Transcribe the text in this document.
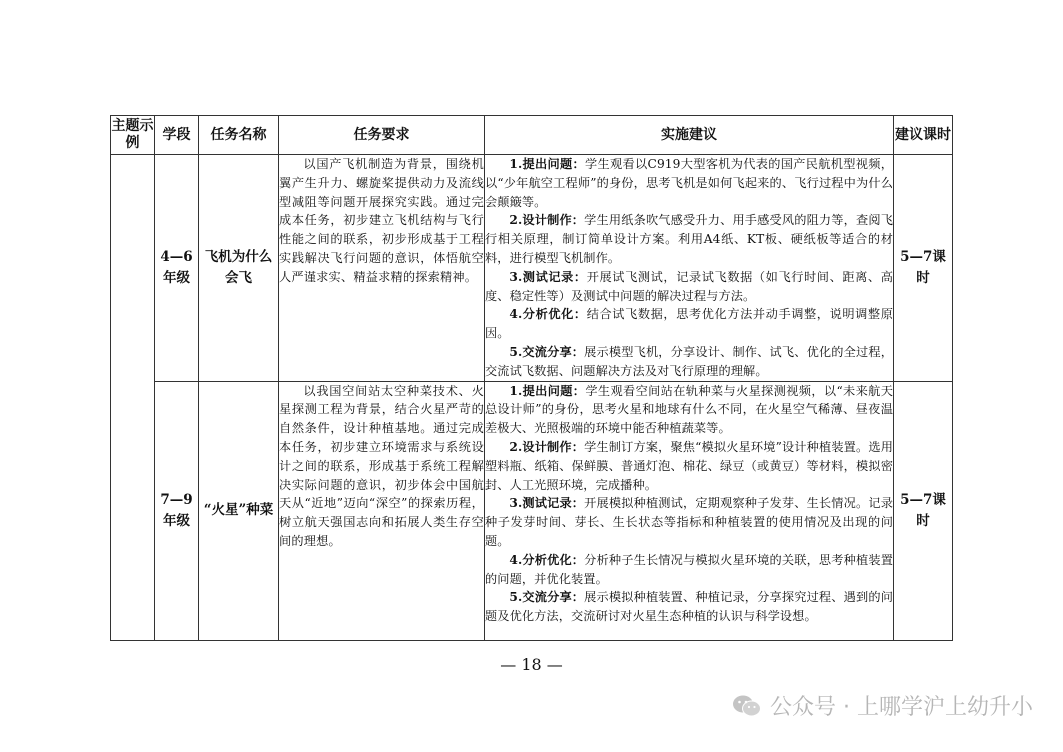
主题示例	学段	任务名称	任务要求	实施建议	建议课时
	4—6年级	飞机为什么会飞	以国产飞机制造为背景，围绕机翼产生升力、螺旋桨提供动力及流线型减阻等问题开展探究实践。通过完成本任务，初步建立飞机结构与飞行性能之间的联系，初步形成基于工程实践解决飞行问题的意识，体悟航空人严谨求实、精益求精的探索精神。	1.提出问题：学生观看以C919大型客机为代表的国产民航机型视频，以“少年航空工程师”的身份，思考飞机是如何飞起来的、飞行过程中为什么会颠簸等。

2.设计制作：学生用纸条吹气感受升力、用手感受风的阻力等，查阅飞行相关原理，制订简单设计方案。利用A4纸、KT板、硬纸板等适合的材料，进行模型飞机制作。

3.测试记录：开展试飞测试，记录试飞数据（如飞行时间、距离、高度、稳定性等）及测试中问题的解决过程与方法。

4.分析优化：结合试飞数据，思考优化方法并动手调整，说明调整原因。

5.交流分享：展示模型飞机，分享设计、制作、试飞、优化的全过程，交流试飞数据、问题解决方法及对飞行原理的理解。	5—7课时
	7—9年级	“火星”种菜	以我国空间站太空种菜技术、火星探测工程为背景，结合火星严苛的自然条件，设计种植基地。通过完成本任务，初步建立环境需求与系统设计之间的联系，形成基于系统工程解决实际问题的意识，初步体会中国航天从“近地”迈向“深空”的探索历程，树立航天强国志向和拓展人类生存空间的理想。	1.提出问题：学生观看空间站在轨种菜与火星探测视频，以“未来航天总设计师”的身份，思考火星和地球有什么不同，在火星空气稀薄、昼夜温差极大、光照极端的环境中能否种植蔬菜等。

2.设计制作：学生制订方案，聚焦“模拟火星环境”设计种植装置。选用塑料瓶、纸箱、保鲜膜、普通灯泡、棉花、绿豆（或黄豆）等材料，模拟密封、人工光照环境，完成播种。

3.测试记录：开展模拟种植测试，定期观察种子发芽、生长情况。记录种子发芽时间、芽长、生长状态等指标和种植装置的使用情况及出现的问题。

4.分析优化：分析种子生长情况与模拟火星环境的关联，思考种植装置的问题，并优化装置。

5.交流分享：展示模拟种植装置、种植记录，分享探究过程、遇到的问题及优化方法，交流研讨对火星生态种植的认识与科学设想。	5—7课时
— 18 —
公众号 · 上哪学沪上幼升小
